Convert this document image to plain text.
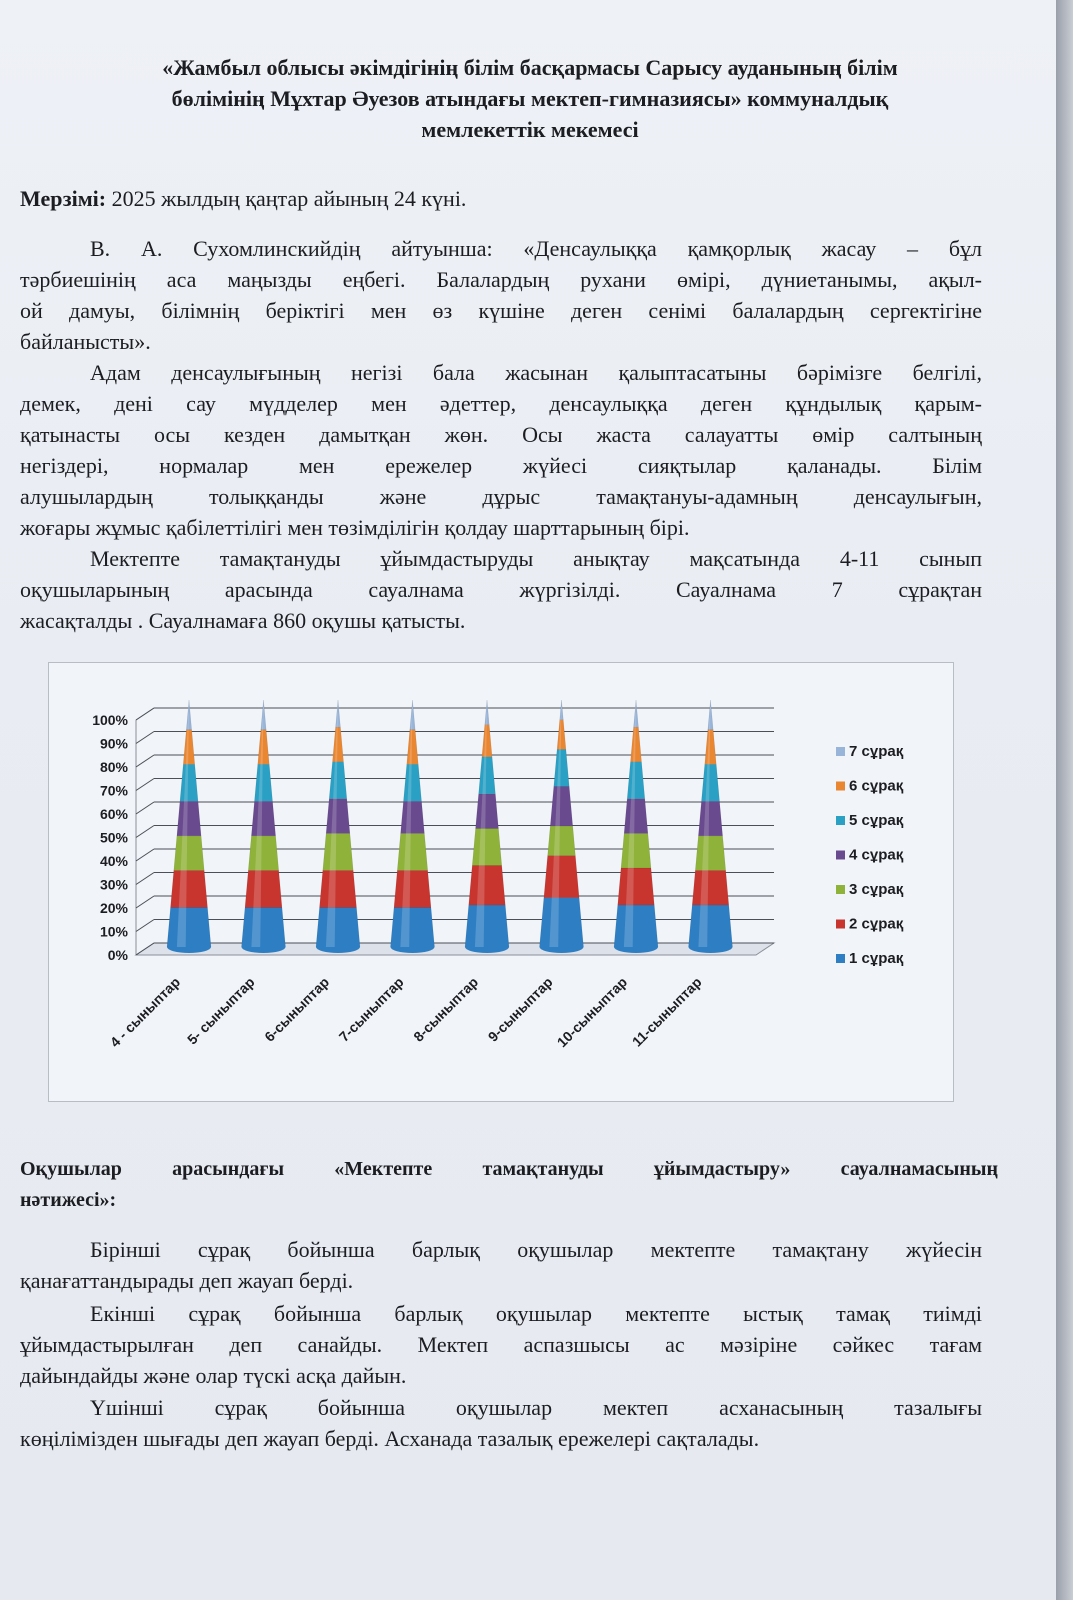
«Жамбыл облысы әкімдігінің білім басқармасы Сарысу ауданының білім
бөлімінің Мұхтар Әуезов атындағы мектеп-гимназиясы» коммуналдық
мемлекеттік мекемесі
Мерзімі: 2025 жылдың қаңтар айының 24 күні.
В. А. Сухомлинскийдің айтуынша: «Денсаулыққа қамқорлық жасау – бұл
тәрбиешінің аса маңызды еңбегі. Балалардың рухани өмірі, дүниетанымы, ақыл-
ой дамуы, білімнің беріктігі мен өз күшіне деген сенімі балалардың сергектігіне
байланысты».
Адам денсаулығының негізі бала жасынан қалыптасатыны бәрімізге белгілі,
демек, дені сау мүдделер мен әдеттер, денсаулыққа деген құндылық қарым-
қатынасты осы кезден дамытқан жөн. Осы жаста салауатты өмір салтының
негіздері, нормалар мен ережелер жүйесі сияқтылар қаланады. Білім
алушылардың толыққанды және дұрыс тамақтануы-адамның денсаулығын,
жоғары жұмыс қабілеттілігі мен төзімділігін қолдау шарттарының бірі.
Мектепте тамақтануды ұйымдастыруды анықтау мақсатында 4-11 сынып
оқушыларының арасында сауалнама жүргізілді. Сауалнама 7 сұрақтан
жасақталды . Сауалнамаға 860 оқушы қатысты.
0%
10%
20%
30%
40%
50%
60%
70%
80%
90%
100%
4 - сыныптар 5- сыныптар 6-сыныптар 7-сыныптар 8-сыныптар 9-сыныптар
10-сыныптар
11-сыныптар
7 сұрақ
6 сұрақ
5 сұрақ
4 сұрақ
3 сұрақ
2 сұрақ
1 сұрақ
Оқушылар арасындағы «Мектепте тамақтануды ұйымдастыру» сауалнамасының
нәтижесі»:
Бірінші сұрақ бойынша барлық оқушылар мектепте тамақтану жүйесін
қанағаттандырады деп жауап берді.
Екінші сұрақ бойынша барлық оқушылар мектепте ыстық тамақ тиімді
ұйымдастырылған деп санайды. Мектеп аспазшысы ас мәзіріне сәйкес тағам
дайындайды және олар түскі асқа дайын.
Үшінші сұрақ бойынша оқушылар мектеп асханасының тазалығы
көңілімізден шығады деп жауап берді. Асханада тазалық ережелері сақталады.
